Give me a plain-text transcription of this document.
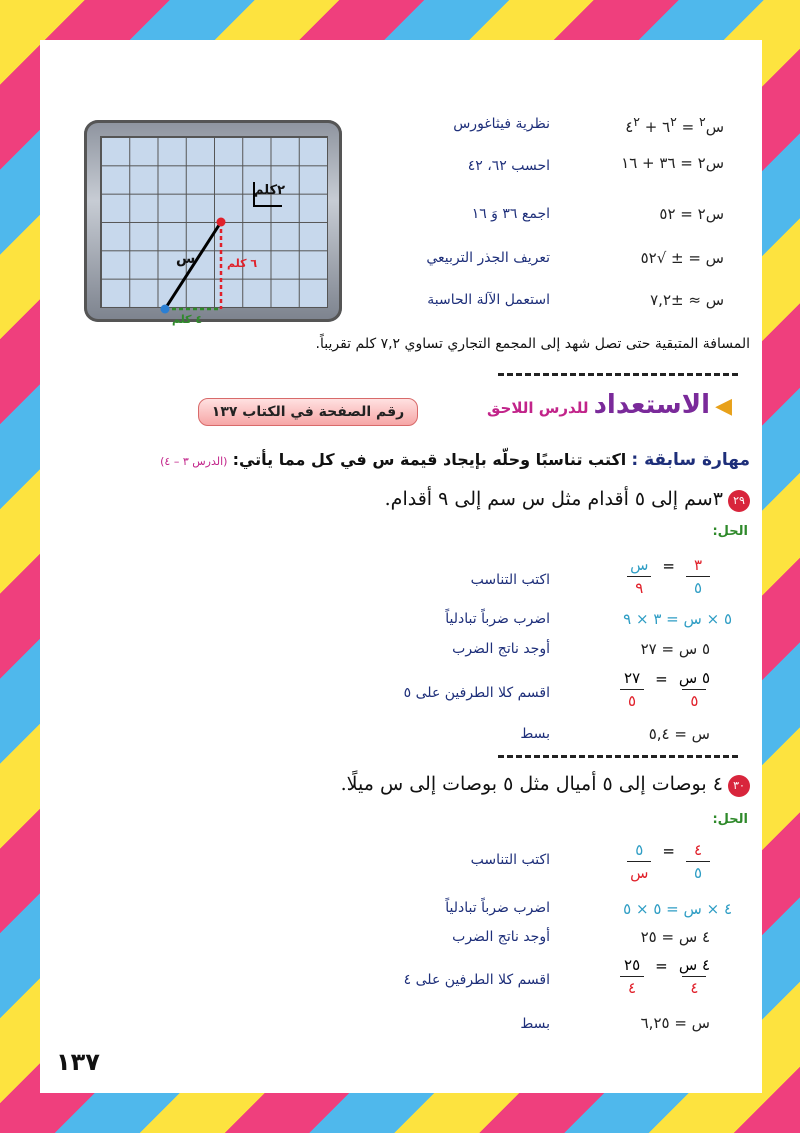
٢كلم
س	٦ كلم
٤ كلم
س$^٢$ = $٦^٢$ + $٤^٢$
نظرية فيثاغورس
س٢ = ٣٦ + ١٦
احسب ٦٢، ٤٢
س٢ = ٥٢
اجمع ٣٦ وَ ١٦
س = ± √٥٢
تعريف الجذر التربيعي
س ≈ ±٧,٢
استعمل الآلة الحاسبة
المسافة المتبقية حتى تصل شهد إلى المجمع التجاري تساوي ٧,٢ كلم تقريباً.
◀ الاستعداد للدرس اللاحق
رقم الصفحة في الكتاب ١٣٧
مهارة سابقة : اكتب تناسبًا وحلّه بإيجاد قيمة س في كل مما يأتي: (الدرس ٣ – ٤)
٢٩ ٣سم إلى ٥ أقدام مثل س سم إلى ٩ أقدام.
الحل:
$\frac{٣}{٥}$
=
$\frac{\text{س}}{٩}$
اكتب التناسب
٥ × س = ٣ × ٩
اضرب ضرباً تبادلياً
٥ س = ٢٧
أوجد ناتج الضرب
$\frac{\text{٥ س}}{٥}$
=
$\frac{٢٧}{٥}$
اقسم كلا الطرفين على ٥
س = ٥,٤
بسط
٣٠ ٤ بوصات إلى ٥ أميال مثل ٥ بوصات إلى س ميلًا.
الحل:
$\frac{٤}{٥}$
=
$\frac{٥}{\text{س}}$
اكتب التناسب
٤ × س = ٥ × ٥
اضرب ضرباً تبادلياً
٤ س = ٢٥
أوجد ناتج الضرب
$\frac{\text{٤ س}}{٤}$
=
$\frac{٢٥}{٤}$
اقسم كلا الطرفين على ٤
س = ٦,٢٥
بسط
١٣٧
